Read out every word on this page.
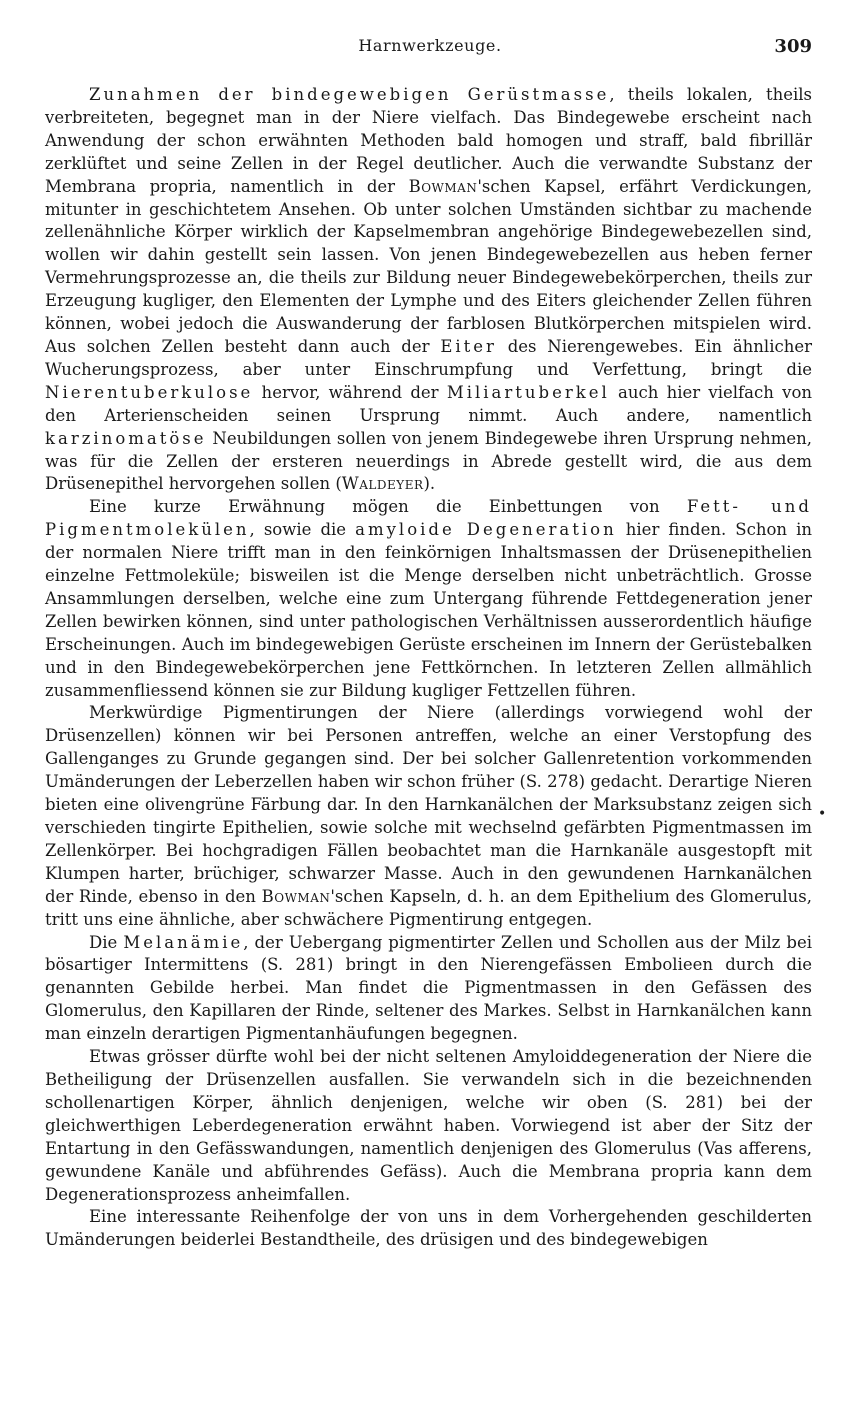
Harnwerkzeuge.	309

Zunahmen der bindegewebigen Gerüstmasse, theils lokalen, theils verbreiteten, begegnet man in der Niere vielfach. Das Bindegewebe erscheint nach Anwendung der schon erwähnten Methoden bald homogen und straff, bald fibrillär zerklüftet und seine Zellen in der Regel deutlicher. Auch die verwandte Substanz der Membrana propria, namentlich in der Bowman'schen Kapsel, erfährt Verdickungen, mitunter in geschichtetem Ansehen. Ob unter solchen Umständen sichtbar zu machende zellenähnliche Körper wirklich der Kapselmembran angehörige Bindegewebezellen sind, wollen wir dahin gestellt sein lassen. Von jenen Bindegewebezellen aus heben ferner Vermehrungsprozesse an, die theils zur Bildung neuer Bindegewebekörperchen, theils zur Erzeugung kugliger, den Elementen der Lymphe und des Eiters gleichender Zellen führen können, wobei jedoch die Auswanderung der farblosen Blutkörperchen mitspielen wird. Aus solchen Zellen besteht dann auch der Eiter des Nierengewebes. Ein ähnlicher Wucherungsprozess, aber unter Einschrumpfung und Verfettung, bringt die Nierentuberkulose hervor, während der Miliartuberkel auch hier vielfach von den Arterienscheiden seinen Ursprung nimmt. Auch andere, namentlich karzinomatöse Neubildungen sollen von jenem Bindegewebe ihren Ursprung nehmen, was für die Zellen der ersteren neuerdings in Abrede gestellt wird, die aus dem Drüsenepithel hervorgehen sollen (Waldeyer).

Eine kurze Erwähnung mögen die Einbettungen von Fett- und Pigmentmolekülen, sowie die amyloide Degeneration hier finden. Schon in der normalen Niere trifft man in den feinkörnigen Inhaltsmassen der Drüsenepithelien einzelne Fettmoleküle; bisweilen ist die Menge derselben nicht unbeträchtlich. Grosse Ansammlungen derselben, welche eine zum Untergang führende Fettdegeneration jener Zellen bewirken können, sind unter pathologischen Verhältnissen ausserordentlich häufige Erscheinungen. Auch im bindegewebigen Gerüste erscheinen im Innern der Gerüstebalken und in den Bindegewebekörperchen jene Fettkörnchen. In letzteren Zellen allmählich zusammenfliessend können sie zur Bildung kugliger Fettzellen führen.

Merkwürdige Pigmentirungen der Niere (allerdings vorwiegend wohl der Drüsenzellen) können wir bei Personen antreffen, welche an einer Verstopfung des Gallenganges zu Grunde gegangen sind. Der bei solcher Gallenretention vorkommenden Umänderungen der Leberzellen haben wir schon früher (S. 278) gedacht. Derartige Nieren bieten eine olivengrüne Färbung dar. In den Harnkanälchen der Marksubstanz zeigen sich verschieden tingirte Epithelien, sowie solche mit wechselnd gefärbten Pigmentmassen im Zellenkörper. Bei hochgradigen Fällen beobachtet man die Harnkanäle ausgestopft mit Klumpen harter, brüchiger, schwarzer Masse. Auch in den gewundenen Harnkanälchen der Rinde, ebenso in den Bowman'schen Kapseln, d. h. an dem Epithelium des Glomerulus, tritt uns eine ähnliche, aber schwächere Pigmentirung entgegen.

Die Melanämie, der Uebergang pigmentirter Zellen und Schollen aus der Milz bei bösartiger Intermittens (S. 281) bringt in den Nierengefässen Embolieen durch die genannten Gebilde herbei. Man findet die Pigmentmassen in den Gefässen des Glomerulus, den Kapillaren der Rinde, seltener des Markes. Selbst in Harnkanälchen kann man einzeln derartigen Pigmentanhäufungen begegnen.

Etwas grösser dürfte wohl bei der nicht seltenen Amyloiddegeneration der Niere die Betheiligung der Drüsenzellen ausfallen. Sie verwandeln sich in die bezeichnenden schollenartigen Körper, ähnlich denjenigen, welche wir oben (S. 281) bei der gleichwerthigen Leberdegeneration erwähnt haben. Vorwiegend ist aber der Sitz der Entartung in den Gefässwandungen, namentlich denjenigen des Glomerulus (Vas afferens, gewundene Kanäle und abführendes Gefäss). Auch die Membrana propria kann dem Degenerationsprozess anheimfallen.

Eine interessante Reihenfolge der von uns in dem Vorhergehenden geschilderten Umänderungen beiderlei Bestandtheile, des drüsigen und des bindegewebigen

•
